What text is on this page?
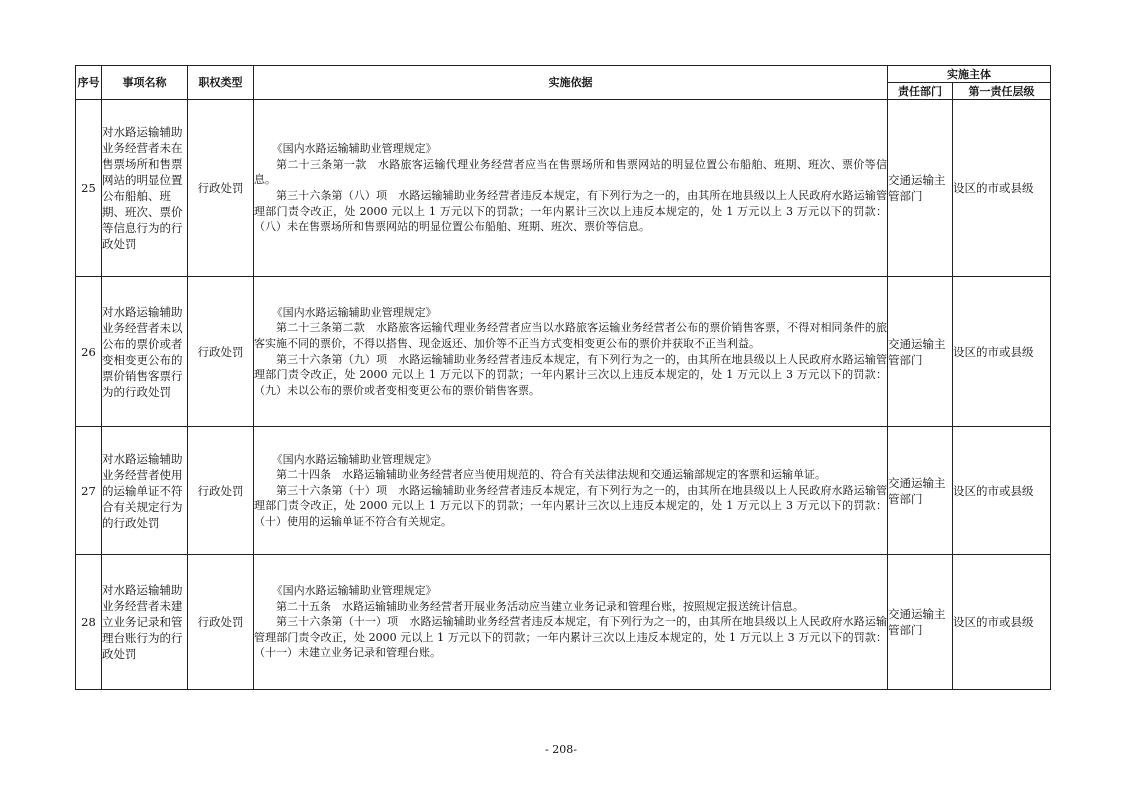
序号	事项名称	职权类型	实施依据	实施主体	
				责任部门	第一责任层级
25	对水路运输辅助业务经营者未在售票场所和售票网站的明显位置公布船舶、班期、班次、票价等信息行为的行政处罚	行政处罚	《国内水路运输辅助业管理规定》

第二十三条第一款　水路旅客运输代理业务经营者应当在售票场所和售票网站的明显位置公布船舶、班期、班次、票价等信息。

第三十六条第（八）项　水路运输辅助业务经营者违反本规定，有下列行为之一的，由其所在地县级以上人民政府水路运输管理部门责令改正，处 2000 元以上 1 万元以下的罚款；一年内累计三次以上违反本规定的，处 1 万元以上 3 万元以下的罚款：（八）未在售票场所和售票网站的明显位置公布船舶、班期、班次、票价等信息。	交通运输主管部门	设区的市或县级
26	对水路运输辅助业务经营者未以公布的票价或者变相变更公布的票价销售客票行为的行政处罚	行政处罚	《国内水路运输辅助业管理规定》

第二十三条第二款　水路旅客运输代理业务经营者应当以水路旅客运输业务经营者公布的票价销售客票，不得对相同条件的旅客实施不同的票价，不得以搭售、现金返还、加价等不正当方式变相变更公布的票价并获取不正当利益。

第三十六条第（九）项　水路运输辅助业务经营者违反本规定，有下列行为之一的，由其所在地县级以上人民政府水路运输管理部门责令改正，处 2000 元以上 1 万元以下的罚款；一年内累计三次以上违反本规定的，处 1 万元以上 3 万元以下的罚款：（九）未以公布的票价或者变相变更公布的票价销售客票。	交通运输主管部门	设区的市或县级
27	对水路运输辅助业务经营者使用的运输单证不符合有关规定行为的行政处罚	行政处罚	《国内水路运输辅助业管理规定》

第二十四条　水路运输辅助业务经营者应当使用规范的、符合有关法律法规和交通运输部规定的客票和运输单证。

第三十六条第（十）项　水路运输辅助业务经营者违反本规定，有下列行为之一的，由其所在地县级以上人民政府水路运输管理部门责令改正，处 2000 元以上 1 万元以下的罚款；一年内累计三次以上违反本规定的，处 1 万元以上 3 万元以下的罚款：（十）使用的运输单证不符合有关规定。	交通运输主管部门	设区的市或县级
28	对水路运输辅助业务经营者未建立业务记录和管理台账行为的行政处罚	行政处罚	《国内水路运输辅助业管理规定》

第二十五条　水路运输辅助业务经营者开展业务活动应当建立业务记录和管理台账，按照规定报送统计信息。

第三十六条第（十一）项　水路运输辅助业务经营者违反本规定，有下列行为之一的，由其所在地县级以上人民政府水路运输管理部门责令改正，处 2000 元以上 1 万元以下的罚款；一年内累计三次以上违反本规定的，处 1 万元以上 3 万元以下的罚款：（十一）未建立业务记录和管理台账。	交通运输主管部门	设区的市或县级
- 208-
